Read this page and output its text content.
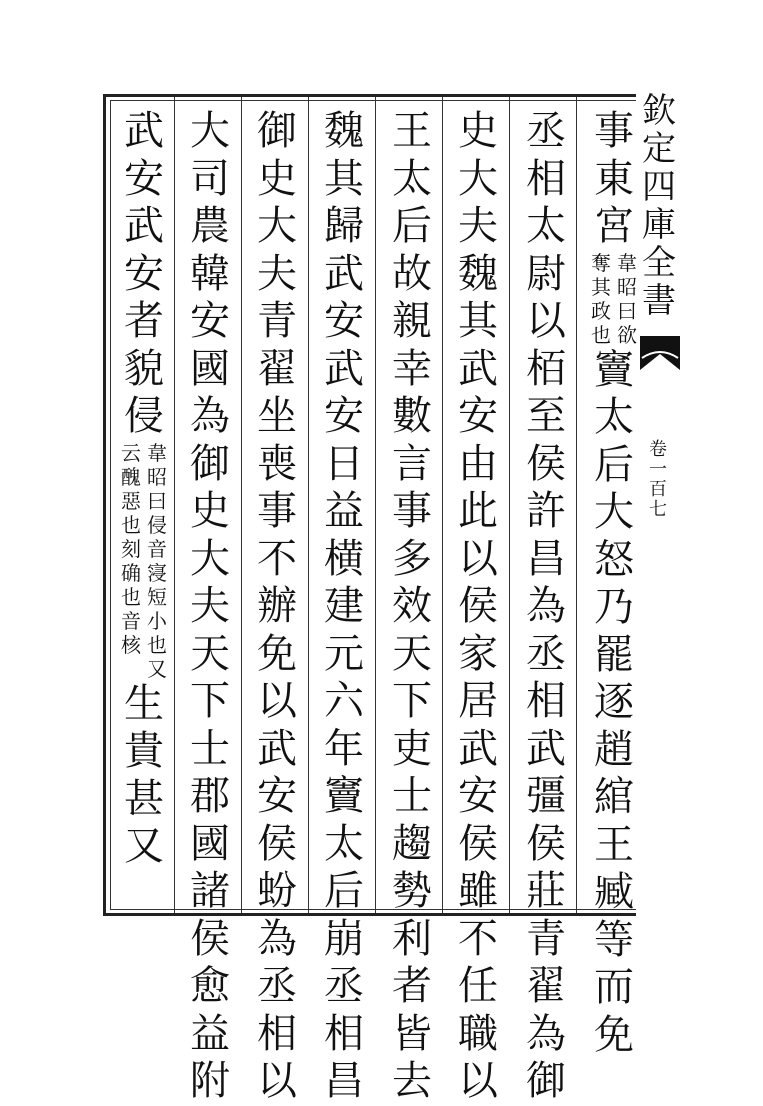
欽
定
四
庫
全
書
卷
一
百
七
事
東
宮
韋
昭
曰
欲
奪
其
政
也
竇
太
后
大
怒
乃
罷
逐
趙
綰
王
臧
等
而
免
丞
相
太
尉
以
栢
至
侯
許
昌
為
丞
相
武
彊
侯
莊
青
翟
為
御
史
大
夫
魏
其
武
安
由
此
以
侯
家
居
武
安
侯
雖
不
任
職
以
王
太
后
故
親
幸
數
言
事
多
效
天
下
吏
士
趨
勢
利
者
皆
去
魏
其
歸
武
安
武
安
日
益
横
建
元
六
年
竇
太
后
崩
丞
相
昌
御
史
大
夫
青
翟
坐
喪
事
不
辦
免
以
武
安
侯
蚡
為
丞
相
以
大
司
農
韓
安
國
為
御
史
大
夫
天
下
士
郡
國
諸
侯
愈
益
附
武
安
武
安
者
貌
侵
韋
昭
曰
侵
音
寖
短
小
也
又
云
醜
惡
也
刻
确
也
音
核
生
貴
甚
又
